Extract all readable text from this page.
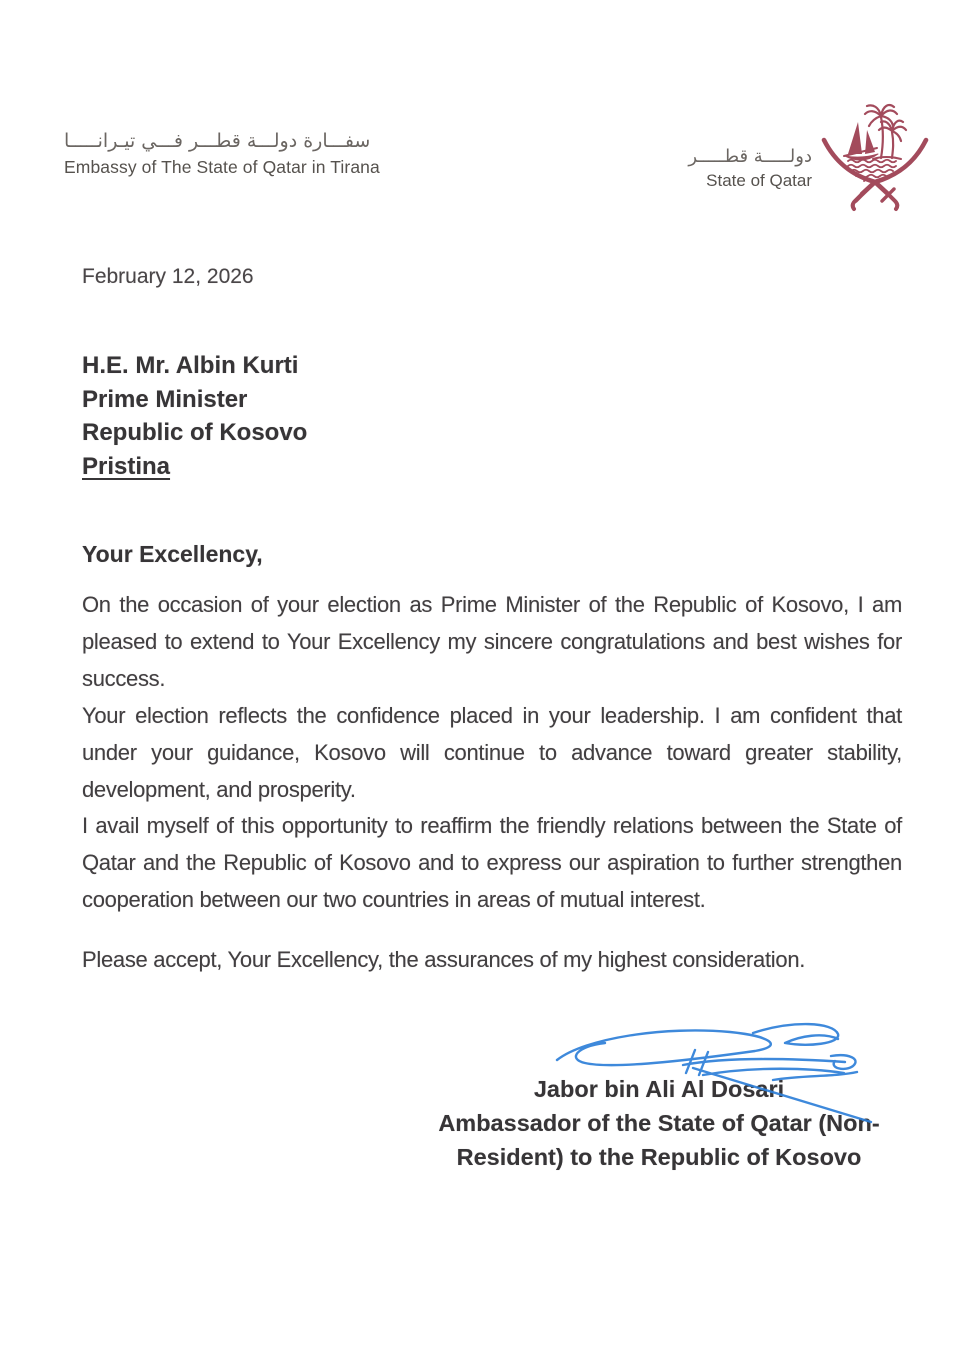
سفـــارة دولـــة قطـــر فـــي تيـرانـــــا
Embassy of The State of Qatar in Tirana	دولـــــة قطـــــر
State of Qatar
February 12, 2026
H.E. Mr. Albin Kurti
Prime Minister
Republic of Kosovo
Pristina
Your Excellency,

On the occasion of your election as Prime Minister of the Republic of Kosovo, I am pleased to extend to Your Excellency my sincere congratulations and best wishes for success.

Your election reflects the confidence placed in your leadership. I am confident that under your guidance, Kosovo will continue to advance toward greater stability, development, and prosperity.

I avail myself of this opportunity to reaffirm the friendly relations between the State of Qatar and the Republic of Kosovo and to express our aspiration to further strengthen cooperation between our two countries in areas of mutual interest.

Please accept, Your Excellency, the assurances of my highest consideration.

Jabor bin Ali Al Dosari
Ambassador of the State of Qatar (Non-
Resident) to the Republic of Kosovo
